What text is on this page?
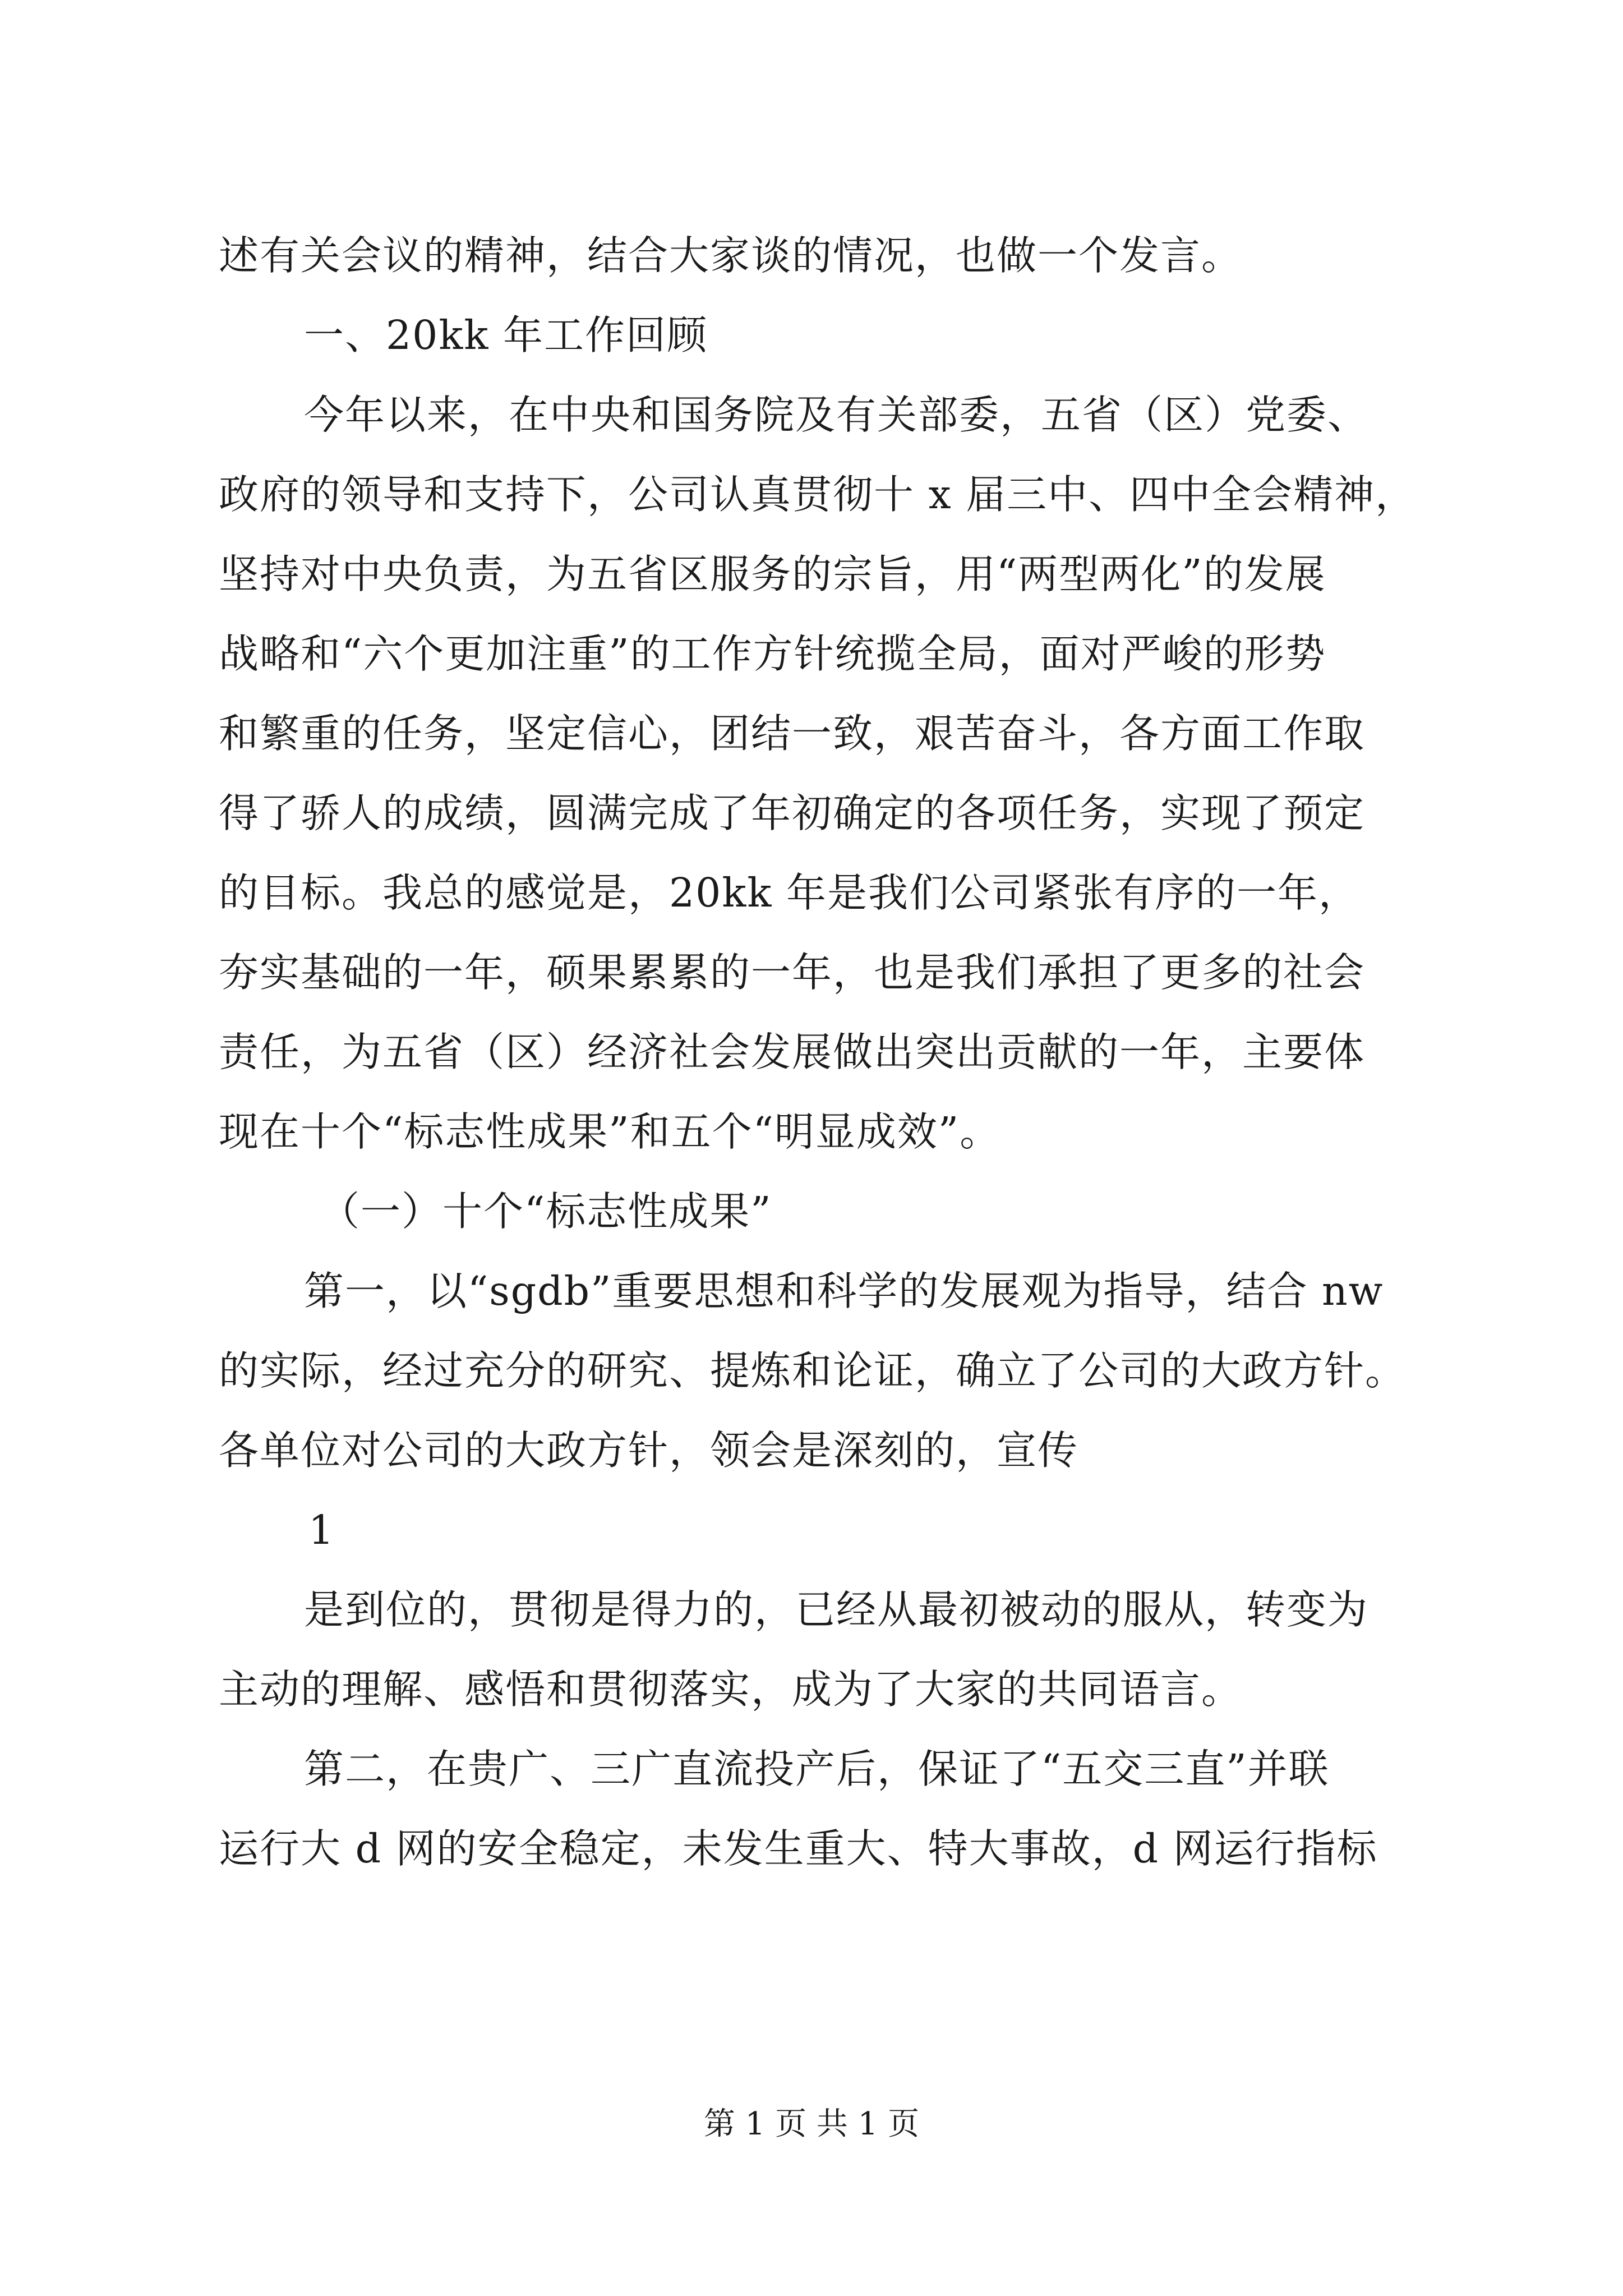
述有关会议的精神，结合大家谈的情况，也做一个发言。
一、20kk 年工作回顾
今年以来，在中央和国务院及有关部委，五省（区）党委、
政府的领导和支持下，公司认真贯彻十 x 届三中、四中全会精神，
坚持对中央负责，为五省区服务的宗旨，用“两型两化”的发展
战略和“六个更加注重”的工作方针统揽全局，面对严峻的形势
和繁重的任务，坚定信心，团结一致，艰苦奋斗，各方面工作取
得了骄人的成绩，圆满完成了年初确定的各项任务，实现了预定
的目标。我总的感觉是，20kk 年是我们公司紧张有序的一年，
夯实基础的一年，硕果累累的一年，也是我们承担了更多的社会
责任，为五省（区）经济社会发展做出突出贡献的一年，主要体
现在十个“标志性成果”和五个“明显成效”。
（一）十个“标志性成果”
第一，以“sgdb”重要思想和科学的发展观为指导，结合 nw
的实际，经过充分的研究、提炼和论证，确立了公司的大政方针。
各单位对公司的大政方针，领会是深刻的，宣传
1
是到位的，贯彻是得力的，已经从最初被动的服从，转变为
主动的理解、感悟和贯彻落实，成为了大家的共同语言。
第二，在贵广、三广直流投产后，保证了“五交三直”并联
运行大 d 网的安全稳定，未发生重大、特大事故，d 网运行指标
第 1 页 共 1 页
